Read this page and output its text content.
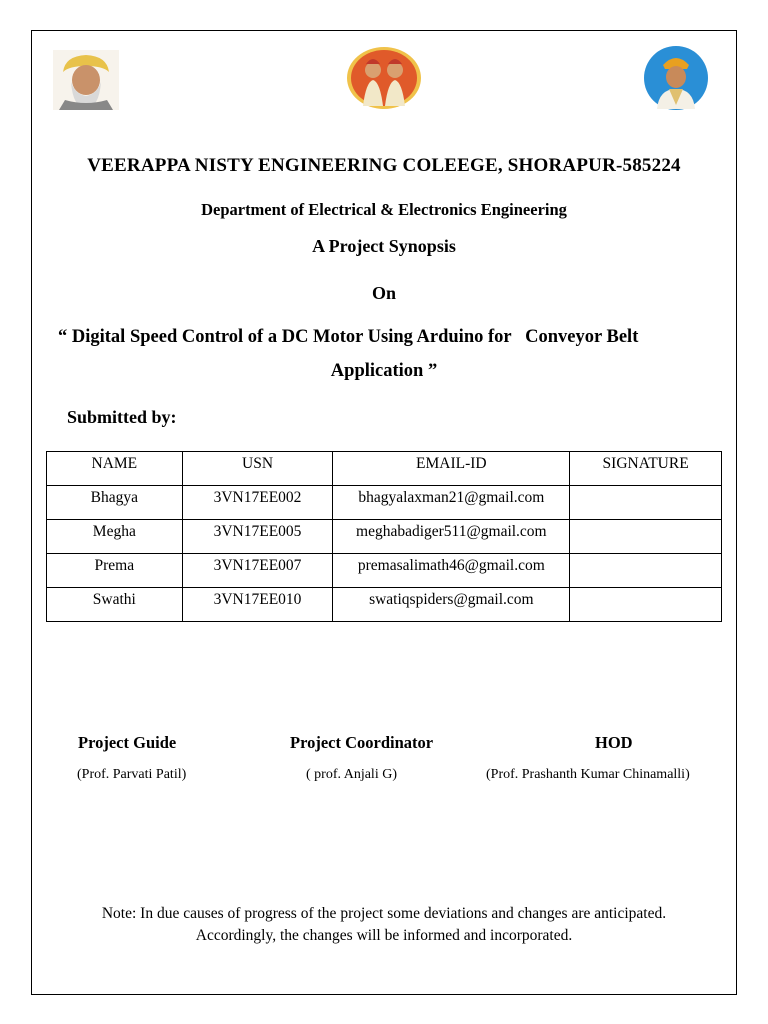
VEERAPPA NISTY ENGINEERING COLEEGE, SHORAPUR-585224
Department of Electrical & Electronics Engineering
A Project Synopsis
On
“ Digital Speed Control of a DC Motor Using Arduino for   Conveyor Belt
Application ”
Submitted by:
NAME	USN	EMAIL-ID	SIGNATURE
Bhagya	3VN17EE002	bhagyalaxman21@gmail.com	
Megha	3VN17EE005	meghabadiger511@gmail.com	
Prema	3VN17EE007	premasalimath46@gmail.com	
Swathi	3VN17EE010	swatiqspiders@gmail.com	
Project Guide	Project Coordinator	HOD
(Prof. Parvati Patil)	( prof. Anjali G)	(Prof. Prashanth Kumar Chinamalli)
Note: In due causes of progress of the project some deviations and changes are anticipated.
Accordingly, the changes will be informed and incorporated.
